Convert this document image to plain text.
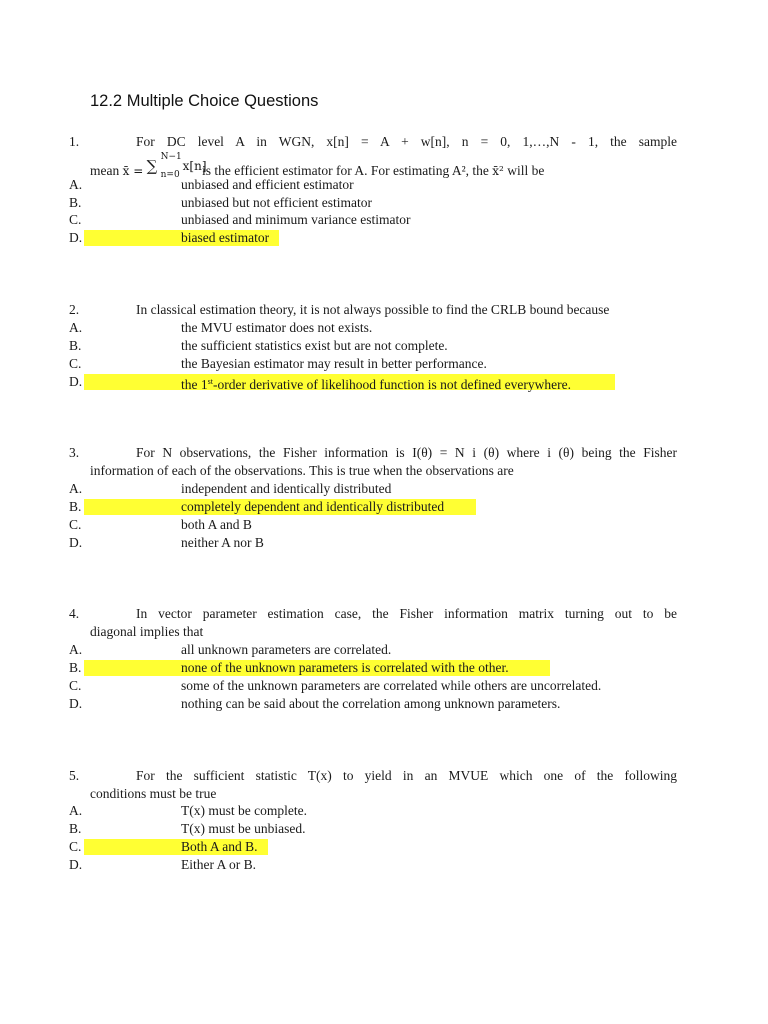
12.2 Multiple Choice Questions
1.	For DC level A in WGN, x[n] = A + w[n], n = 0, 1,…,N - 1, the sample
mean x̄ = ∑ N−1
n=0
x[n]
is the efficient estimator for A. For estimating A², the x̄² will be
A.	unbiased and efficient estimator
B.	unbiased but not efficient estimator
C.	unbiased and minimum variance estimator
D.	biased estimator
2.	In classical estimation theory, it is not always possible to find the CRLB bound because
A.	the MVU estimator does not exists.
B.	the sufficient statistics exist but are not complete.
C.	the Bayesian estimator may result in better performance.
D.	the 1st-order derivative of likelihood function is not defined everywhere.
3.	For N observations, the Fisher information is I(θ) = N i (θ) where i (θ) being the Fisher
information of each of the observations. This is true when the observations are
A.	independent and identically distributed
B.	completely dependent and identically distributed
C.	both A and B
D.	neither A nor B
4.	In vector parameter estimation case, the Fisher information matrix turning out to be
diagonal implies that
A.	all unknown parameters are correlated.
B.	none of the unknown parameters is correlated with the other.
C.	some of the unknown parameters are correlated while others are uncorrelated.
D.	nothing can be said about the correlation among unknown parameters.
5.	For the sufficient statistic T(x) to yield in an MVUE which one of the following
conditions must be true
A.	T(x) must be complete.
B.	T(x) must be unbiased.
C.	Both A and B.
D.	Either A or B.
